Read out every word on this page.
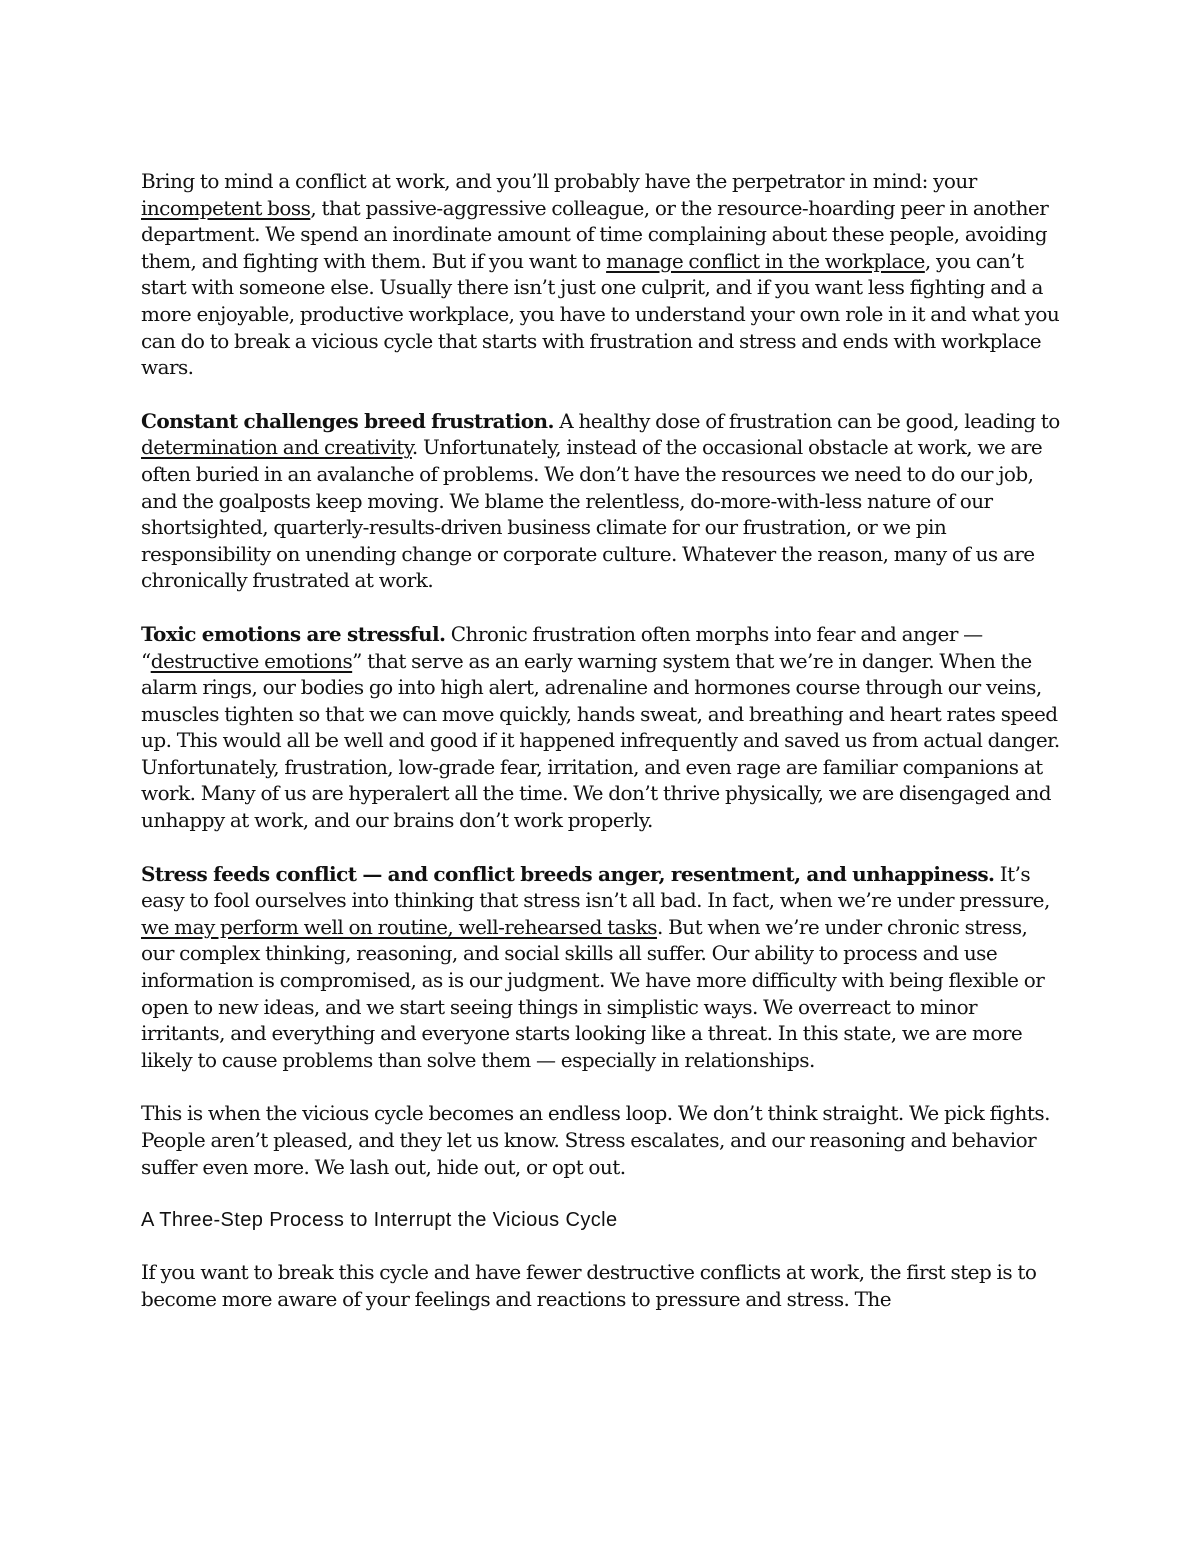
Bring to mind a conflict at work, and you’ll probably have the perpetrator in mind: your incompetent boss, that passive-aggressive colleague, or the resource-hoarding peer in another department. We spend an inordinate amount of time complaining about these people, avoiding them, and fighting with them. But if you want to manage conflict in the workplace, you can’t start with someone else. Usually there isn’t just one culprit, and if you want less fighting and a more enjoyable, productive workplace, you have to understand your own role in it and what you can do to break a vicious cycle that starts with frustration and stress and ends with workplace wars.

Constant challenges breed frustration. A healthy dose of frustration can be good, leading to determination and creativity. Unfortunately, instead of the occasional obstacle at work, we are often buried in an avalanche of problems. We don’t have the resources we need to do our job, and the goalposts keep moving. We blame the relentless, do-more-with-less nature of our shortsighted, quarterly-results-driven business climate for our frustration, or we pin responsibility on unending change or corporate culture. Whatever the reason, many of us are chronically frustrated at work.

Toxic emotions are stressful. Chronic frustration often morphs into fear and anger — “destructive emotions” that serve as an early warning system that we’re in danger. When the alarm rings, our bodies go into high alert, adrenaline and hormones course through our veins, muscles tighten so that we can move quickly, hands sweat, and breathing and heart rates speed up. This would all be well and good if it happened infrequently and saved us from actual danger. Unfortunately, frustration, low-grade fear, irritation, and even rage are familiar companions at work. Many of us are hyperalert all the time. We don’t thrive physically, we are disengaged and unhappy at work, and our brains don’t work properly.

Stress feeds conflict — and conflict breeds anger, resentment, and unhappiness. It’s easy to fool ourselves into thinking that stress isn’t all bad. In fact, when we’re under pressure, we may perform well on routine, well-rehearsed tasks. But when we’re under chronic stress, our complex thinking, reasoning, and social skills all suffer. Our ability to process and use information is compromised, as is our judgment. We have more difficulty with being flexible or open to new ideas, and we start seeing things in simplistic ways. We overreact to minor irritants, and everything and everyone starts looking like a threat. In this state, we are more likely to cause problems than solve them — especially in relationships.

This is when the vicious cycle becomes an endless loop. We don’t think straight. We pick fights. People aren’t pleased, and they let us know. Stress escalates, and our reasoning and behavior suffer even more. We lash out, hide out, or opt out.

A Three-Step Process to Interrupt the Vicious Cycle

If you want to break this cycle and have fewer destructive conflicts at work, the first step is to become more aware of your feelings and reactions to pressure and stress. The
